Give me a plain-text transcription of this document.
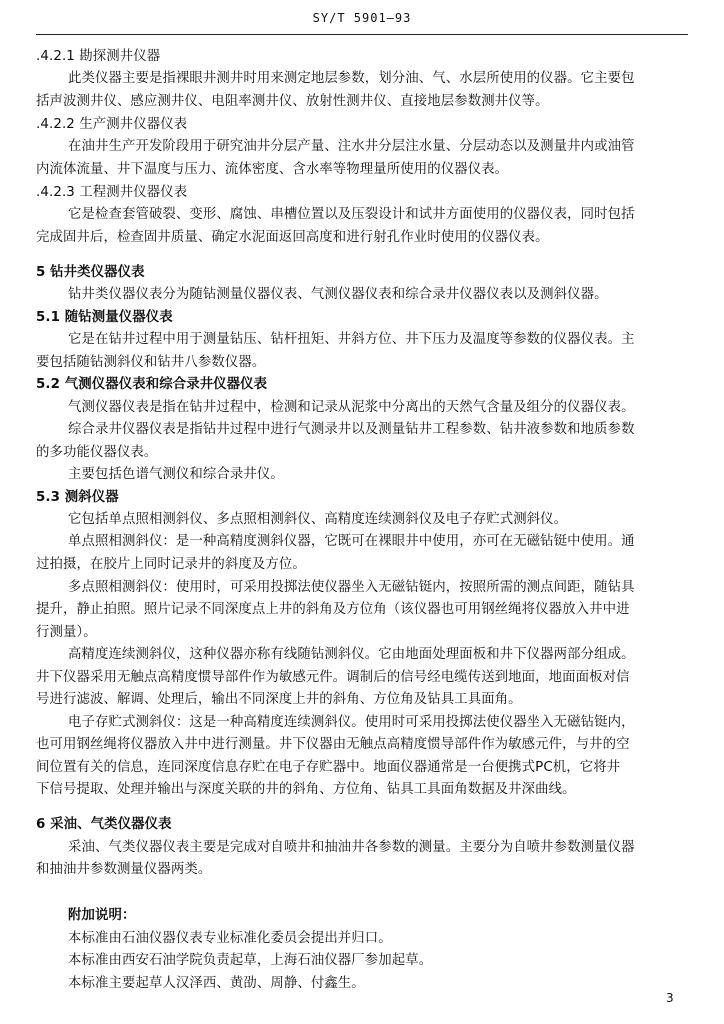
SY/T 5901—93
.4.2.1 勘探测井仪器
此类仪器主要是指裸眼井测井时用来测定地层参数，划分油、气、水层所使用的仪器。它主要包
括声波测井仪、感应测井仪、电阻率测井仪、放射性测井仪、直接地层参数测井仪等。
.4.2.2 生产测井仪器仪表
在油井生产开发阶段用于研究油井分层产量、注水井分层注水量、分层动态以及测量井内或油管
内流体流量、井下温度与压力、流体密度、含水率等物理量所使用的仪器仪表。
.4.2.3 工程测井仪器仪表
它是检查套管破裂、变形、腐蚀、串槽位置以及压裂设计和试井方面使用的仪器仪表，同时包括
完成固井后，检查固井质量、确定水泥面返回高度和进行射孔作业时使用的仪器仪表。
5 钻井类仪器仪表
钻井类仪器仪表分为随钻测量仪器仪表、气测仪器仪表和综合录井仪器仪表以及测斜仪器。
5.1 随钻测量仪器仪表
它是在钻井过程中用于测量钻压、钻杆扭矩、井斜方位、井下压力及温度等参数的仪器仪表。主
要包括随钻测斜仪和钻井八参数仪器。
5.2 气测仪器仪表和综合录井仪器仪表
气测仪器仪表是指在钻井过程中，检测和记录从泥浆中分离出的天然气含量及组分的仪器仪表。
综合录井仪器仪表是指钻井过程中进行气测录井以及测量钻井工程参数、钻井液参数和地质参数
的多功能仪器仪表。
主要包括色谱气测仪和综合录井仪。
5.3 测斜仪器
它包括单点照相测斜仪、多点照相测斜仪、高精度连续测斜仪及电子存贮式测斜仪。
单点照相测斜仪：是一种高精度测斜仪器，它既可在裸眼井中使用，亦可在无磁钻铤中使用。通
过拍摄，在胶片上同时记录井的斜度及方位。
多点照相测斜仪：使用时，可采用投掷法使仪器坐入无磁钻铤内，按照所需的测点间距，随钻具
提升，静止拍照。照片记录不同深度点上井的斜角及方位角（该仪器也可用钢丝绳将仪器放入井中进
行测量）。
高精度连续测斜仪，这种仪器亦称有线随钻测斜仪。它由地面处理面板和井下仪器两部分组成。
井下仪器采用无触点高精度惯导部件作为敏感元件。调制后的信号经电缆传送到地面，地面面板对信
号进行滤波、解调、处理后，输出不同深度上井的斜角、方位角及钻具工具面角。
电子存贮式测斜仪：这是一种高精度连续测斜仪。使用时可采用投掷法使仪器坐入无磁钻铤内，
也可用钢丝绳将仪器放入井中进行测量。井下仪器由无触点高精度惯导部件作为敏感元件，与井的空
间位置有关的信息，连同深度信息存贮在电子存贮器中。地面仪器通常是一台便携式PC机，它将井
下信号提取、处理并输出与深度关联的井的斜角、方位角、钻具工具面角数据及井深曲线。
6 采油、气类仪器仪表
采油、气类仪器仪表主要是完成对自喷井和抽油井各参数的测量。主要分为自喷井参数测量仪器
和抽油井参数测量仪器两类。
附加说明：
本标准由石油仪器仪表专业标准化委员会提出并归口。
本标准由西安石油学院负责起草，上海石油仪器厂参加起草。
本标准主要起草人汉泽西、黄劭、周静、付鑫生。
3
